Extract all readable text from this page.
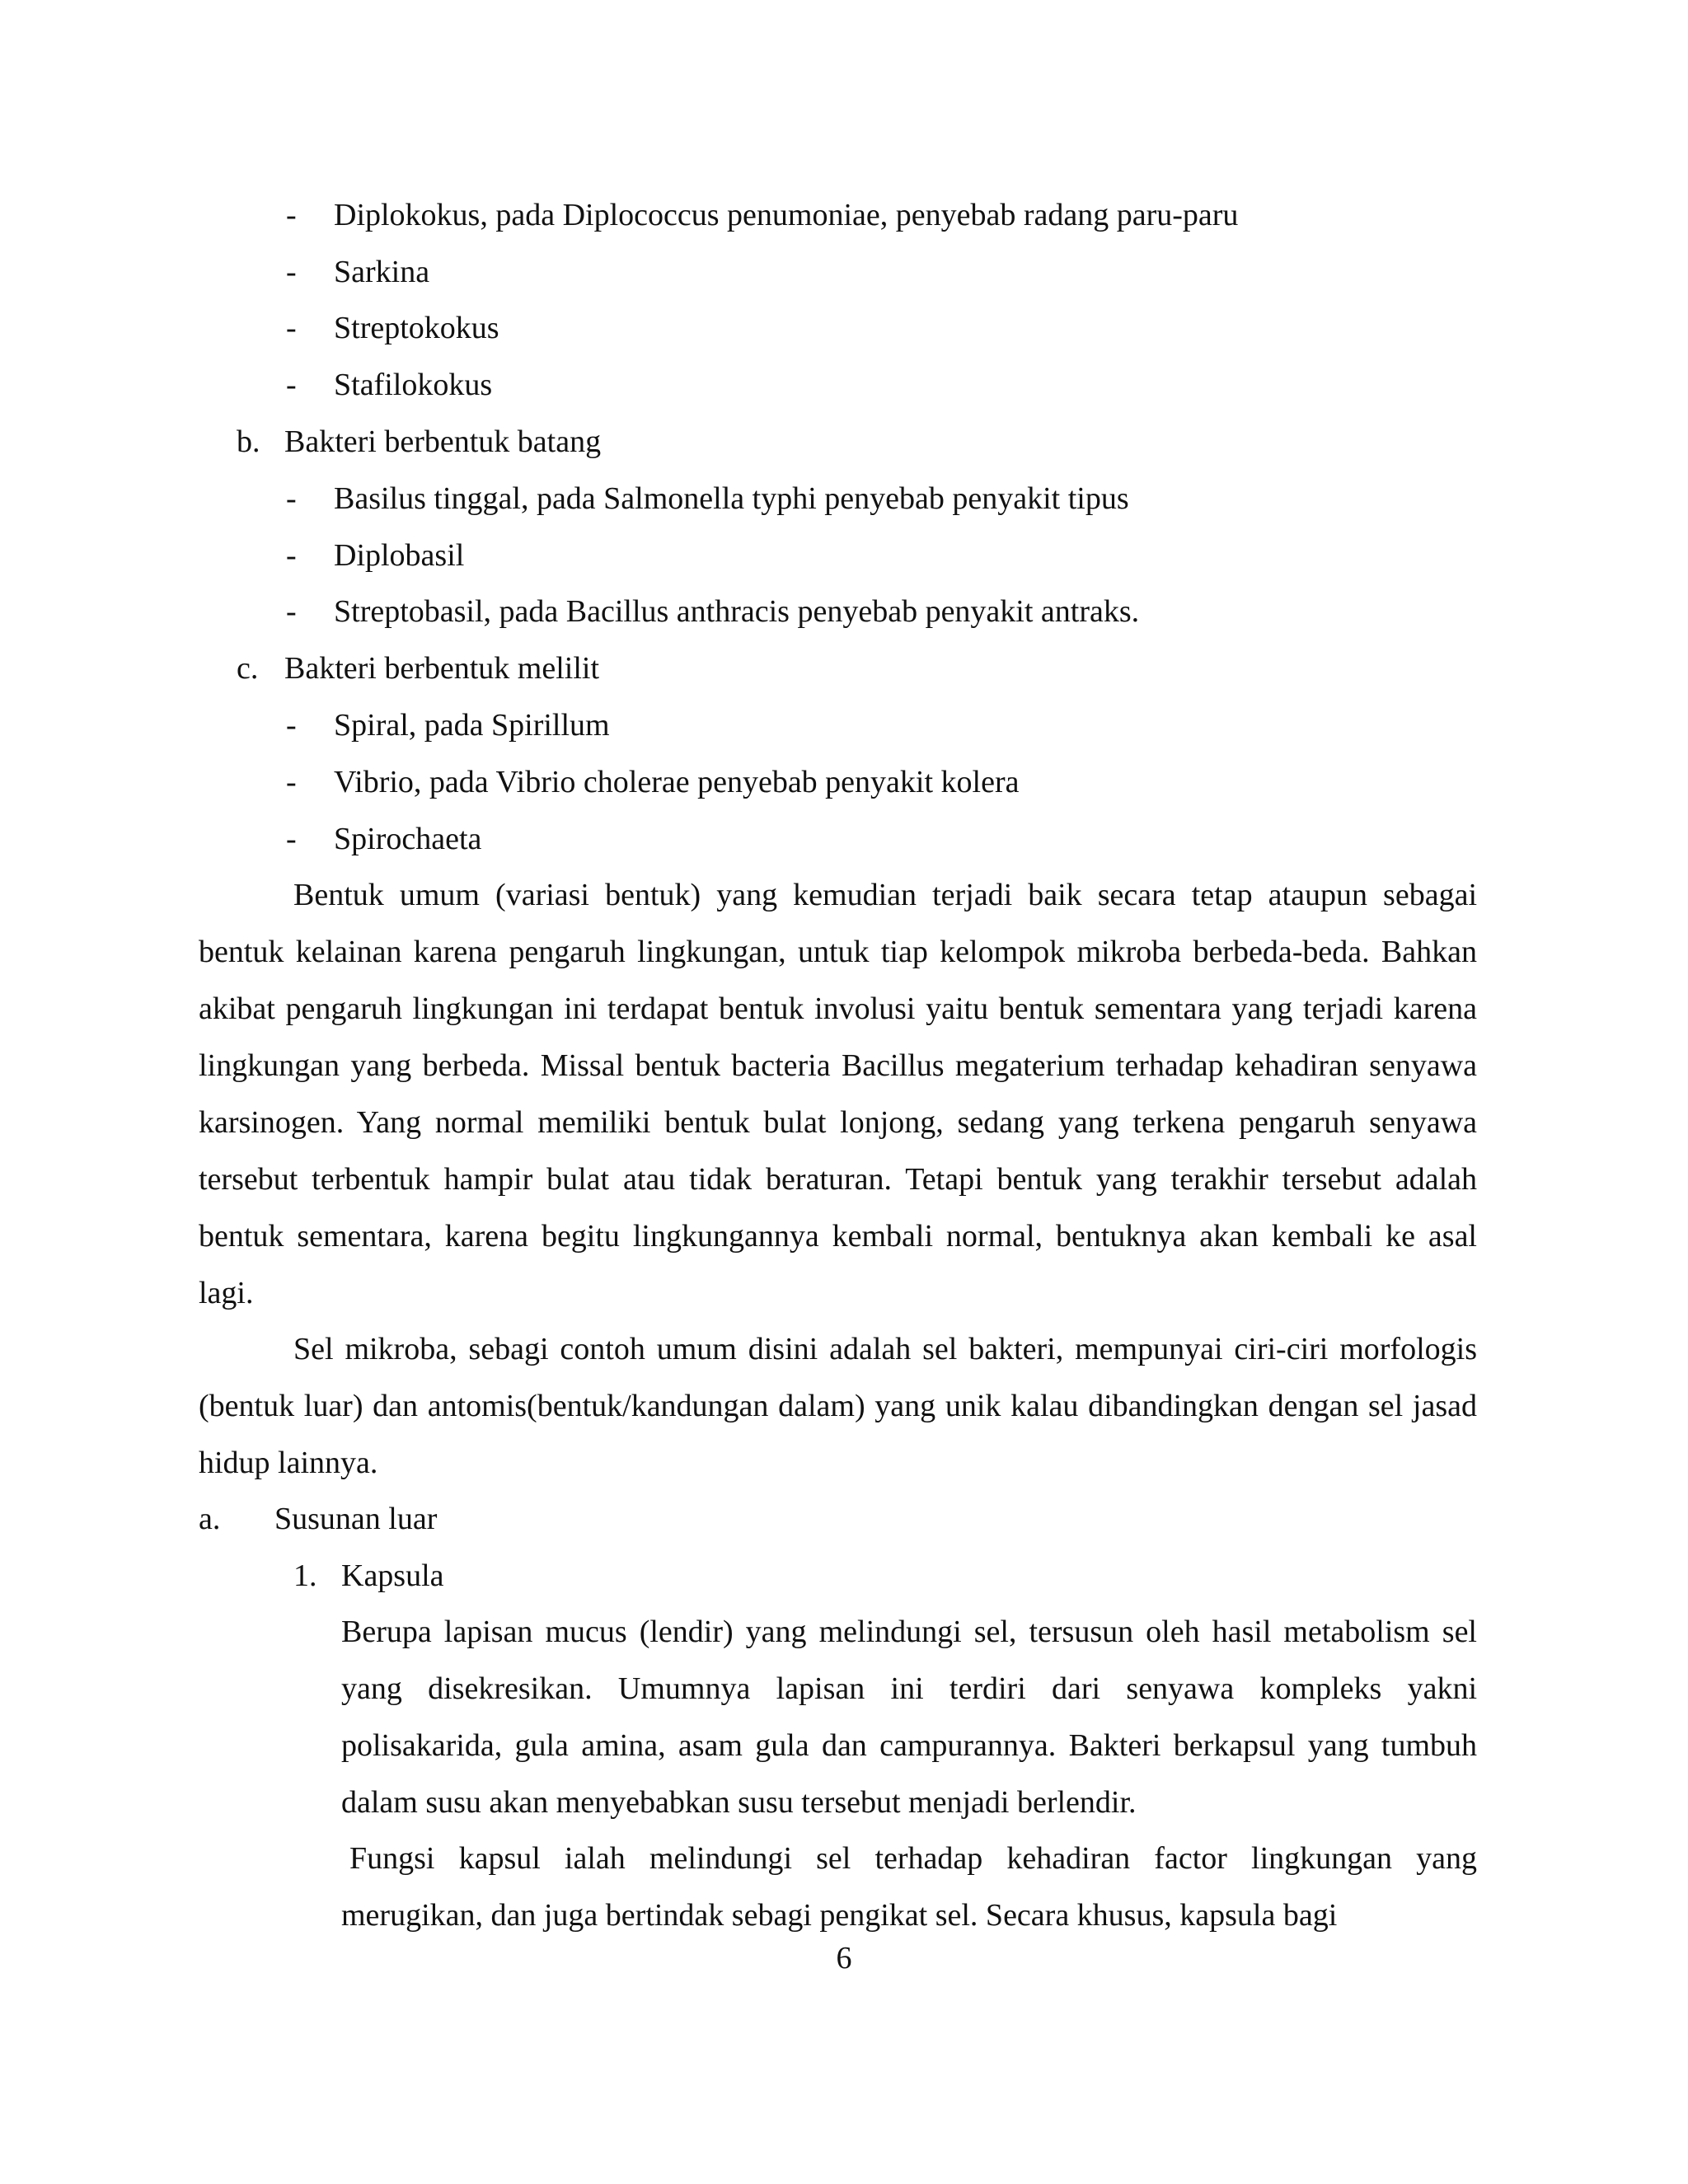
- Diplokokus, pada Diplococcus penumoniae, penyebab radang paru-paru
- Sarkina
- Streptokokus
- Stafilokokus
b. Bakteri berbentuk batang
- Basilus tinggal, pada Salmonella typhi penyebab penyakit tipus
- Diplobasil
- Streptobasil, pada Bacillus anthracis penyebab penyakit antraks.
c. Bakteri berbentuk melilit
- Spiral, pada Spirillum
- Vibrio, pada Vibrio cholerae penyebab penyakit kolera
- Spirochaeta

Bentuk umum (variasi bentuk) yang kemudian terjadi baik secara tetap ataupun sebagai bentuk kelainan karena pengaruh lingkungan, untuk tiap kelompok mikroba berbeda-beda. Bahkan akibat pengaruh lingkungan ini terdapat bentuk involusi yaitu bentuk sementara yang terjadi karena lingkungan yang berbeda. Missal bentuk bacteria Bacillus megaterium terhadap kehadiran senyawa karsinogen. Yang normal memiliki bentuk bulat lonjong, sedang yang terkena pengaruh senyawa tersebut terbentuk hampir bulat atau tidak beraturan. Tetapi bentuk yang terakhir tersebut adalah bentuk sementara, karena begitu lingkungannya kembali normal, bentuknya akan kembali ke asal lagi.

Sel mikroba, sebagi contoh umum disini adalah sel bakteri, mempunyai ciri-ciri morfologis (bentuk luar) dan antomis(bentuk/kandungan dalam) yang unik kalau dibandingkan dengan sel jasad hidup lainnya.

a. Susunan luar
1. Kapsula

Berupa lapisan mucus (lendir) yang melindungi sel, tersusun oleh hasil metabolism sel yang disekresikan. Umumnya lapisan ini terdiri dari senyawa kompleks yakni polisakarida, gula amina, asam gula dan campurannya. Bakteri berkapsul yang tumbuh dalam susu akan menyebabkan susu tersebut menjadi berlendir.

Fungsi kapsul ialah melindungi sel terhadap kehadiran factor lingkungan yang merugikan, dan juga bertindak sebagi pengikat sel. Secara khusus, kapsula bagi

6
